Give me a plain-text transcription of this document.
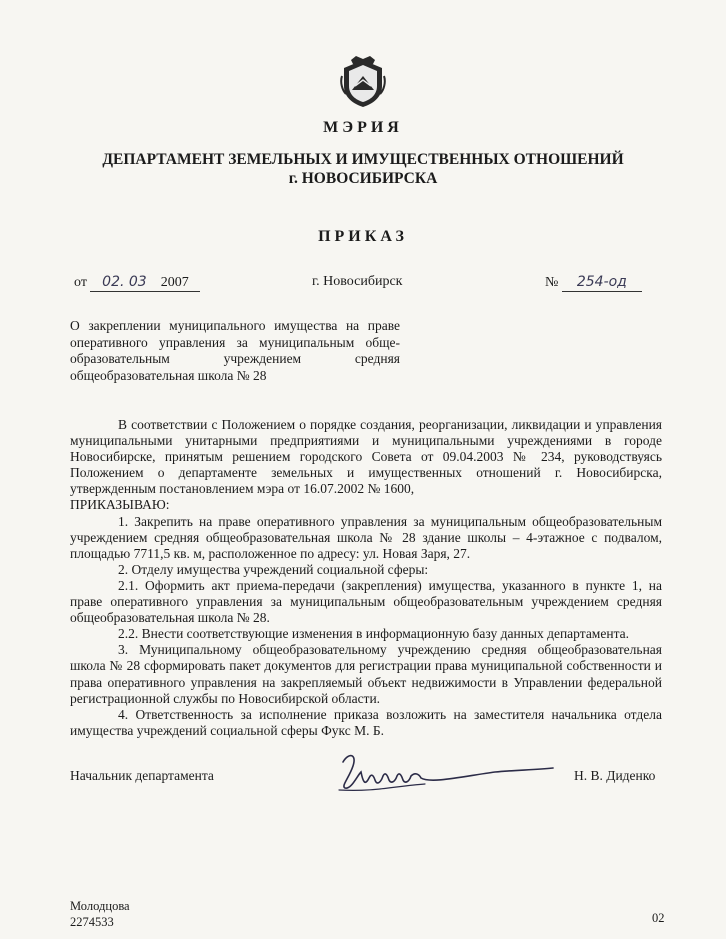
МЭРИЯ
ДЕПАРТАМЕНТ ЗЕМЕЛЬНЫХ И ИМУЩЕСТВЕННЫХ ОТНОШЕНИЙ
г. НОВОСИБИРСКА
ПРИКАЗ
от 02. 03 2007	г. Новосибирск	№ 254-од
О закреплении муниципального имущества на праве
оперативного управления за муниципальным обще-
образовательным учреждением средняя
общеобразовательная школа № 28

В соответствии с Положением о порядке создания, реорганизации, ликвидации и управления муниципальными унитарными предприятиями и муниципальными учреждениями в городе Новосибирске, принятым решением городского Совета от 09.04.2003 № 234, руководствуясь Положением о департаменте земельных и имущественных отношений г. Новосибирска, утвержденным постановлением мэра от 16.07.2002 № 1600,

ПРИКАЗЫВАЮ:

1. Закрепить на праве оперативного управления за муниципальным общеобразовательным учреждением средняя общеобразовательная школа № 28 здание школы – 4-этажное с подвалом, площадью 7711,5 кв. м, расположенное по адресу: ул. Новая Заря, 27.

2. Отделу имущества учреждений социальной сферы:

2.1. Оформить акт приема-передачи (закрепления) имущества, указанного в пункте 1, на праве оперативного управления за муниципальным общеобразовательным учреждением средняя общеобразовательная школа № 28.

2.2. Внести соответствующие изменения в информационную базу данных департамента.

3. Муниципальному общеобразовательному учреждению средняя общеобразовательная школа № 28 сформировать пакет документов для регистрации права муниципальной собственности и права оперативного управления на закрепляемый объект недвижимости в Управлении федеральной регистрационной службы по Новосибирской области.

4. Ответственность за исполнение приказа возложить на заместителя начальника отдела имущества учреждений социальной сферы Фукс М. Б.

Начальник департамента	Н. В. Диденко
Молодцова
2274533	02
